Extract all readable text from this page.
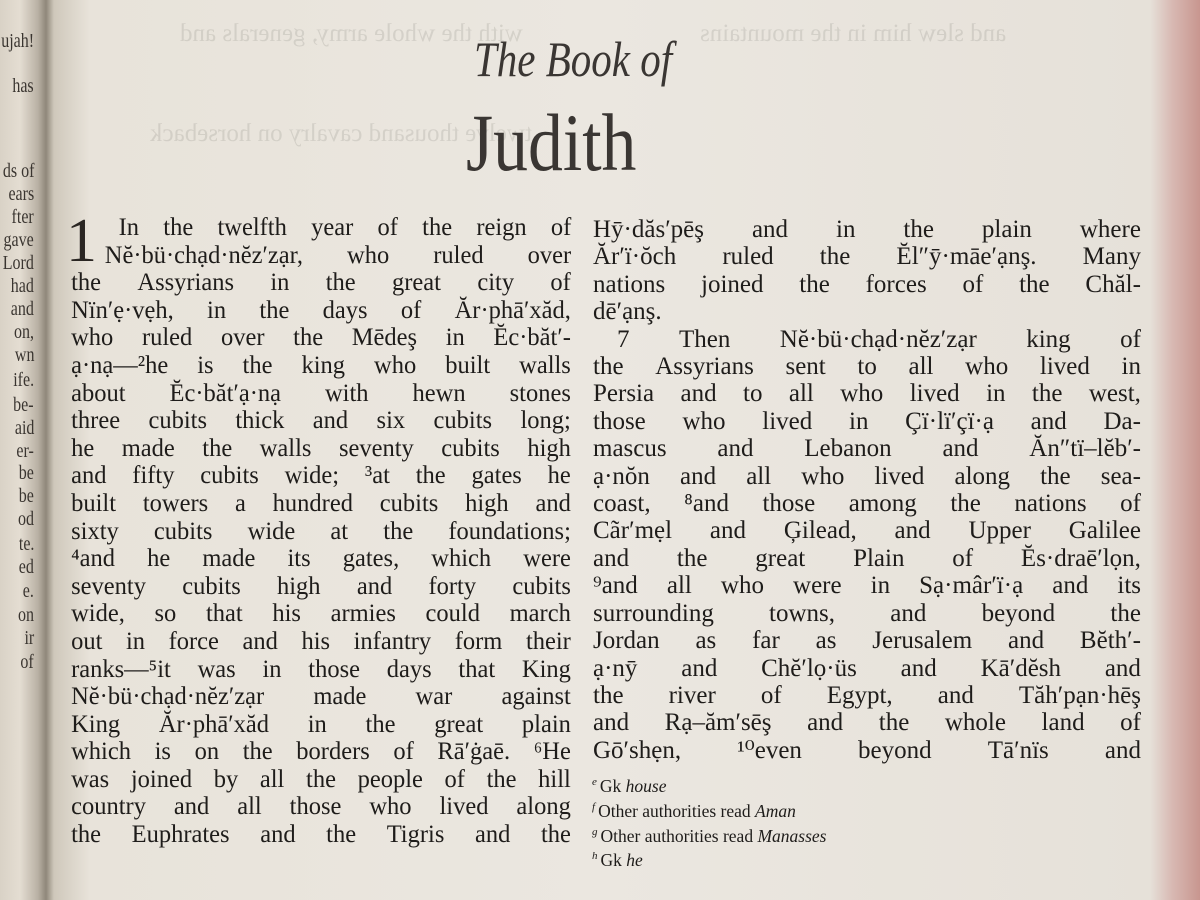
with the whole army, generals and	and slew him in the mountains
twelve thousand cavalry on horseback
ujah!
has
ds of
ears
fter
gave
Lord
had
and
on,
wn
ife.
be-
aid
er-
be
be
od
te.
ed
e.
on
ir
of
The Book of
Judith
1 In the twelfth year of the reign of
Nĕ·bü·chạd·nĕz′zạr, who ruled over
the Assyrians in the great city of
Nïn′ẹ·vẹh, in the days of Ăr·phā′xăd,
who ruled over the Mēdeş in Ĕc·băt′-
ạ·nạ—²he is the king who built walls
about Ĕc·băt′ạ·nạ with hewn stones
three cubits thick and six cubits long;
he made the walls seventy cubits high
and fifty cubits wide; ³at the gates he
built towers a hundred cubits high and
sixty cubits wide at the foundations;
⁴and he made its gates, which were
seventy cubits high and forty cubits
wide, so that his armies could march
out in force and his infantry form their
ranks—⁵it was in those days that King
Nĕ·bü·chạd·nĕz′zạr made war against
King Ăr·phā′xăd in the great plain
which is on the borders of Rā′ġaē. ⁶He
was joined by all the people of the hill
country and all those who lived along
the Euphrates and the Tigris and the
Hȳ·dăs′pēş and in the plain where
Ăr′ï·ŏch ruled the Ĕl″ȳ·māe′ạnş. Many
nations joined the forces of the Chăl-
dē′ạnş.
7 Then Nĕ·bü·chạd·nĕz′zạr king of
the Assyrians sent to all who lived in
Persia and to all who lived in the west,
those who lived in Çï·lï′çï·ạ and Da-
mascus and Lebanon and Ăn″tï–lĕb′-
ạ·nŏn and all who lived along the sea-
coast, ⁸and those among the nations of
Cãr′mẹl and Ģilead, and Upper Galilee
and the great Plain of Ĕs·draē′lọn,
⁹and all who were in Sạ·mâr′ï·ạ and its
surrounding towns, and beyond the
Jordan as far as Jerusalem and Bĕth′-
ạ·nȳ and Chĕ′lọ·üs and Kā′dĕsh and
the river of Egypt, and Tăh′pạn·hēş
and Rạ–ăm′sēş and the whole land of
Gō′shẹn, ¹⁰even beyond Tā′nïs and
$^e$ Gk house
$^f$ Other authorities read Aman
$^g$ Other authorities read Manasses
$^h$ Gk he
